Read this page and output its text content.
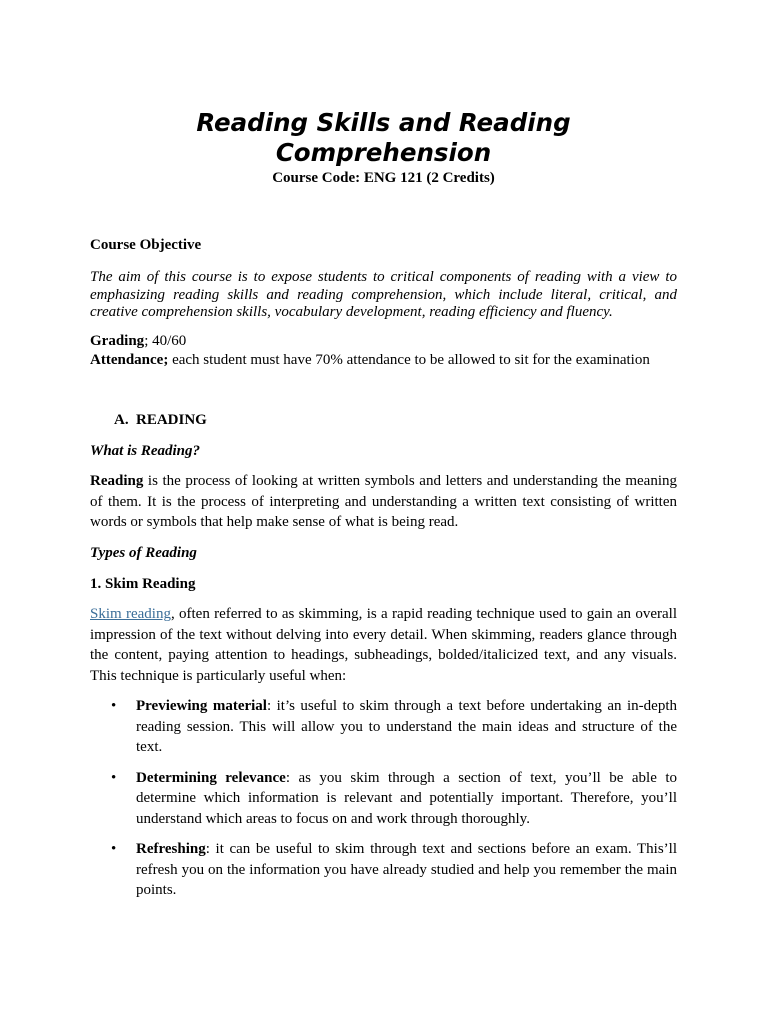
Reading Skills and Reading Comprehension
Course Code: ENG 121 (2 Credits)
Course Objective
The aim of this course is to expose students to critical components of reading with a view to emphasizing reading skills and reading comprehension, which include literal, critical, and creative comprehension skills, vocabulary development, reading efficiency and fluency.
Grading; 40/60
Attendance; each student must have 70% attendance to be allowed to sit for the examination
A. READING
What is Reading?
Reading is the process of looking at written symbols and letters and understanding the meaning of them. It is the process of interpreting and understanding a written text consisting of written words or symbols that help make sense of what is being read.
Types of Reading
1. Skim Reading
Skim reading, often referred to as skimming, is a rapid reading technique used to gain an overall impression of the text without delving into every detail. When skimming, readers glance through the content, paying attention to headings, subheadings, bolded/italicized text, and any visuals. This technique is particularly useful when:
• Previewing material: it’s useful to skim through a text before undertaking an in-depth reading session. This will allow you to understand the main ideas and structure of the text.
• Determining relevance: as you skim through a section of text, you’ll be able to determine which information is relevant and potentially important. Therefore, you’ll understand which areas to focus on and work through thoroughly.
• Refreshing: it can be useful to skim through text and sections before an exam. This’ll refresh you on the information you have already studied and help you remember the main points.
